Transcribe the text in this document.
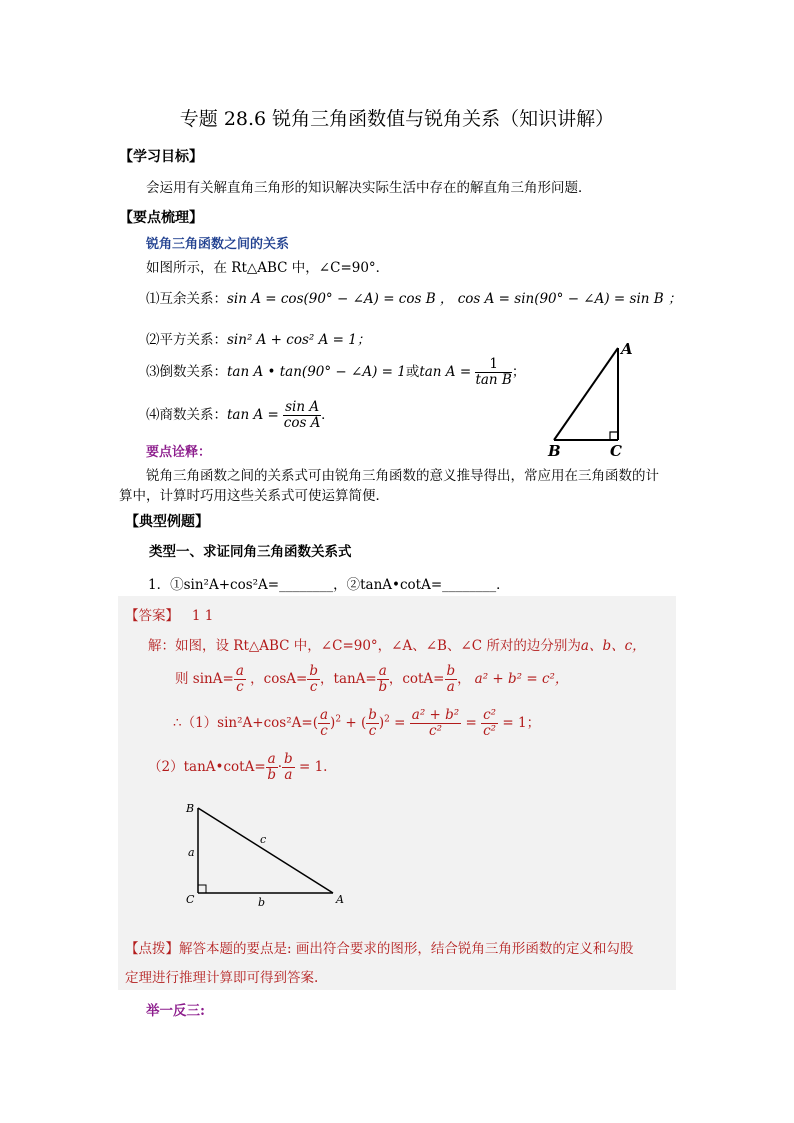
专题 28.6 锐角三角函数值与锐角关系（知识讲解）
【学习目标】
会运用有关解直角三角形的知识解决实际生活中存在的解直角三角形问题．
【要点梳理】
锐角三角函数之间的关系
如图所示，在 Rt△ABC 中，∠C=90°．
⑴互余关系：sin A = cos(90° − ∠A) = cos B ， cos A = sin(90° − ∠A) = sin B ；
⑵平方关系：sin² A + cos² A = 1；
⑶倒数关系：tan A • tan(90° − ∠A) = 1或$\tan A = \frac{1}{\text{tan B}}$ ；
⑷商数关系：$\tan A = \frac{\text{sin A}}{\text{cos A}}$ ．
A
B	C
要点诠释：
锐角三角函数之间的关系式可由锐角三角函数的意义推导得出，常应用在三角函数的计
算中，计算时巧用这些关系式可使运算简便．
【典型例题】
类型一、求证同角三角函数关系式
1．①sin²A+cos²A=________，②tanA•cotA=________．
【答案】 1 1
解：如图，设 Rt△ABC 中，∠C=90°，∠A、∠B、∠C 所对的边分别为a、b、c，
则 $\sin A= \frac{a}{c}$ ，$\cos A= \frac{b}{c}$ ，$\tan A= \frac{a}{b}$ ，$\cot A= \frac{b}{a}$ ， a² + b² = c²，
∴（1）sin²A+cos²A=( $\frac{a}{c} )^2$ + ( $\frac{b}{c} )^2 = \frac{\text{a² + b²}}{\text{c²}} = \frac{\text{c²}}{\text{c²}} = 1$；
（2）tanA•cotA= $\frac{a}{b} \cdot \frac{b}{a} = 1$.
B
C	A
a
b
c
【点拨】解答本题的要点是: 画出符合要求的图形，结合锐角三角形函数的定义和勾股
定理进行推理计算即可得到答案.
举一反三:
